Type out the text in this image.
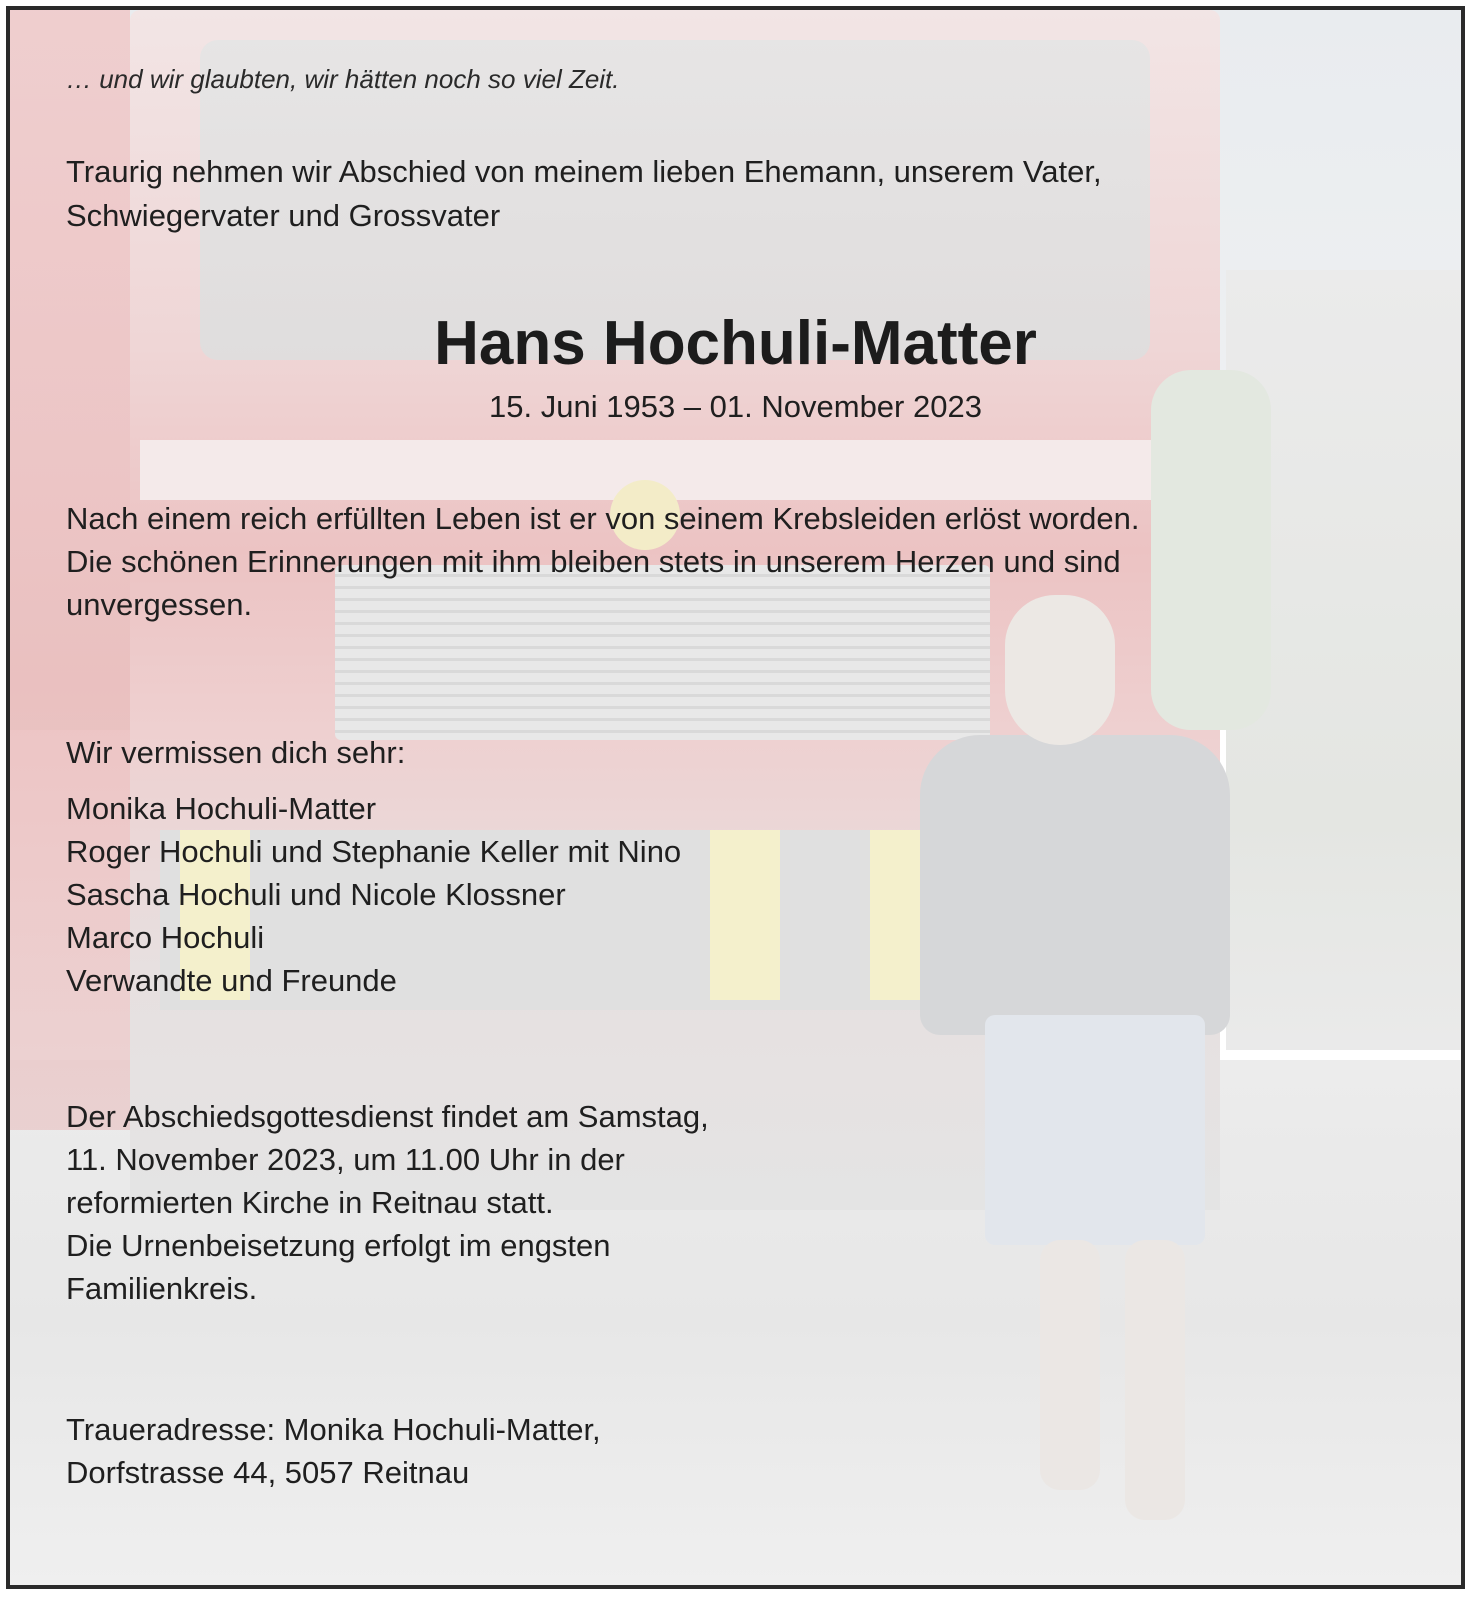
… und wir glaubten, wir hätten noch so viel Zeit.

Traurig nehmen wir Abschied von meinem lieben Ehemann, unserem Vater,
Schwiegervater und Grossvater

Hans Hochuli-Matter
15. Juni 1953 – 01. November 2023

Nach einem reich erfüllten Leben ist er von seinem Krebsleiden erlöst worden.
Die schönen Erinnerungen mit ihm bleiben stets in unserem Herzen und sind
unvergessen.

Wir vermissen dich sehr:
Monika Hochuli-Matter
Roger Hochuli und Stephanie Keller mit Nino
Sascha Hochuli und Nicole Klossner
Marco Hochuli
Verwandte und Freunde

Der Abschiedsgottesdienst findet am Samstag,
11. November 2023, um 11.00 Uhr in der
reformierten Kirche in Reitnau statt.
Die Urnenbeisetzung erfolgt im engsten
Familienkreis.

Traueradresse: Monika Hochuli-Matter,
Dorfstrasse 44, 5057 Reitnau
